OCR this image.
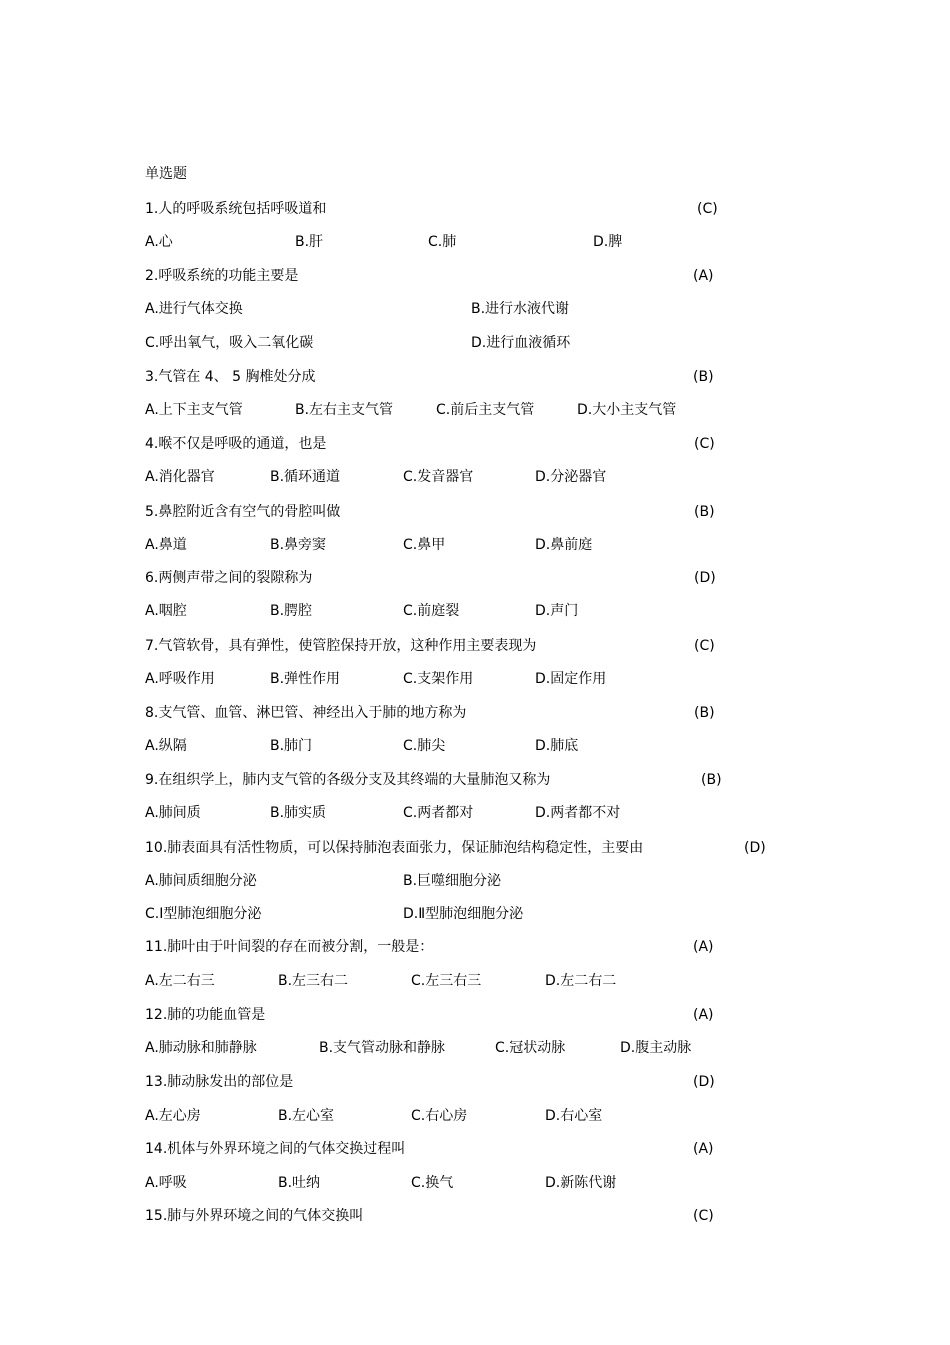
单选题
1.人的呼吸系统包括呼吸道和	(C)
A.心	B.肝	C.肺	D.脾
2.呼吸系统的功能主要是	(A)
A.进行气体交换	B.进行水液代谢
C.呼出氧气，吸入二氧化碳	D.进行血液循环
3.气管在 4、 5 胸椎处分成	(B)
A.上下主支气管	B.左右主支气管	C.前后主支气管	D.大小主支气管
4.喉不仅是呼吸的通道，也是	(C)
A.消化器官	B.循环通道	C.发音器官	D.分泌器官
5.鼻腔附近含有空气的骨腔叫做	(B)
A.鼻道	B.鼻旁窦	C.鼻甲	D.鼻前庭
6.两侧声带之间的裂隙称为	(D)
A.咽腔	B.腭腔	C.前庭裂	D.声门
7.气管软骨，具有弹性，使管腔保持开放，这种作用主要表现为	(C)
A.呼吸作用	B.弹性作用	C.支架作用	D.固定作用
8.支气管、血管、淋巴管、神经出入于肺的地方称为	(B)
A.纵隔	B.肺门	C.肺尖	D.肺底
9.在组织学上，肺内支气管的各级分支及其终端的大量肺泡又称为	(B)
A.肺间质	B.肺实质	C.两者都对	D.两者都不对
10.肺表面具有活性物质，可以保持肺泡表面张力，保证肺泡结构稳定性，主要由	(D)
A.肺间质细胞分泌	B.巨噬细胞分泌
C.Ⅰ型肺泡细胞分泌	D.Ⅱ型肺泡细胞分泌
11.肺叶由于叶间裂的存在而被分割，一般是：	(A)
A.左二右三	B.左三右二	C.左三右三	D.左二右二
12.肺的功能血管是	(A)
A.肺动脉和肺静脉	B.支气管动脉和静脉	C.冠状动脉	D.腹主动脉
13.肺动脉发出的部位是	(D)
A.左心房	B.左心室	C.右心房	D.右心室
14.机体与外界环境之间的气体交换过程叫	(A)
A.呼吸	B.吐纳	C.换气	D.新陈代谢
15.肺与外界环境之间的气体交换叫	(C)
